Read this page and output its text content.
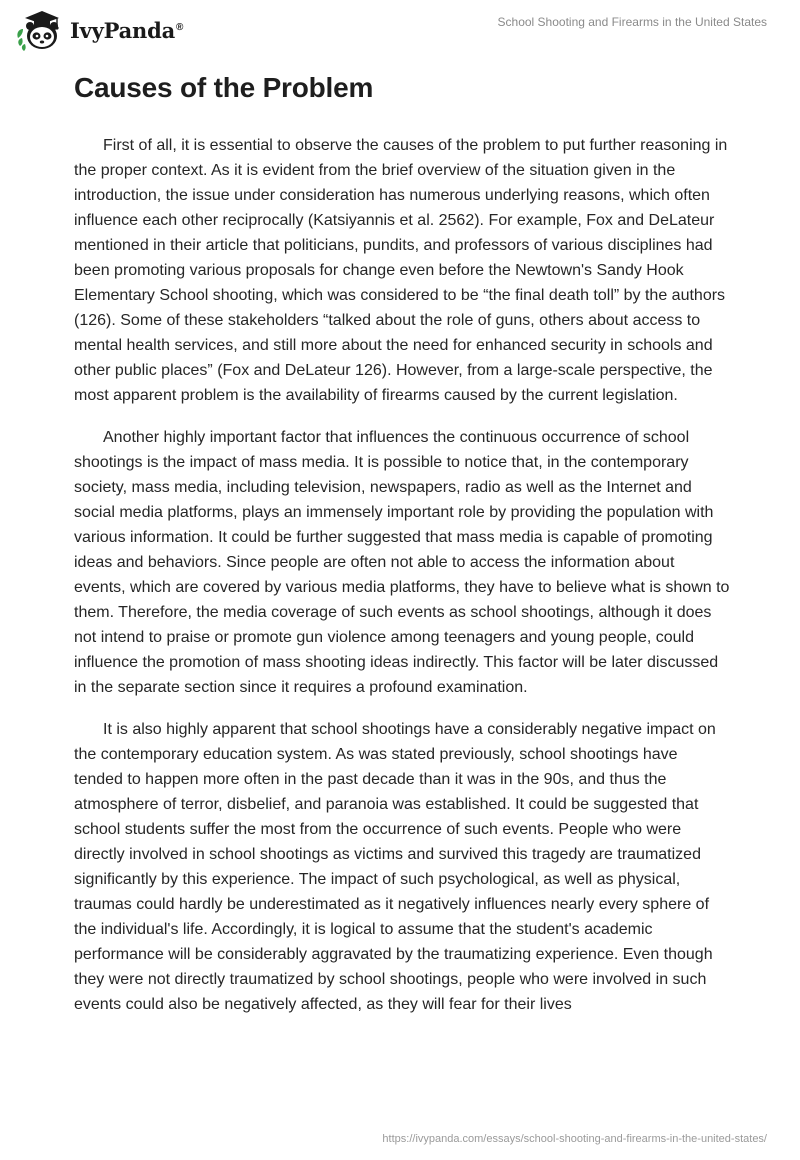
IvyPanda®	School Shooting and Firearms in the United States
Causes of the Problem

First of all, it is essential to observe the causes of the problem to put further reasoning in the proper context. As it is evident from the brief overview of the situation given in the introduction, the issue under consideration has numerous underlying reasons, which often influence each other reciprocally (Katsiyannis et al. 2562). For example, Fox and DeLateur mentioned in their article that politicians, pundits, and professors of various disciplines had been promoting various proposals for change even before the Newtown's Sandy Hook Elementary School shooting, which was considered to be “the final death toll” by the authors (126). Some of these stakeholders “talked about the role of guns, others about access to mental health services, and still more about the need for enhanced security in schools and other public places” (Fox and DeLateur 126). However, from a large-scale perspective, the most apparent problem is the availability of firearms caused by the current legislation.

Another highly important factor that influences the continuous occurrence of school shootings is the impact of mass media. It is possible to notice that, in the contemporary society, mass media, including television, newspapers, radio as well as the Internet and social media platforms, plays an immensely important role by providing the population with various information. It could be further suggested that mass media is capable of promoting ideas and behaviors. Since people are often not able to access the information about events, which are covered by various media platforms, they have to believe what is shown to them. Therefore, the media coverage of such events as school shootings, although it does not intend to praise or promote gun violence among teenagers and young people, could influence the promotion of mass shooting ideas indirectly. This factor will be later discussed in the separate section since it requires a profound examination.

It is also highly apparent that school shootings have a considerably negative impact on the contemporary education system. As was stated previously, school shootings have tended to happen more often in the past decade than it was in the 90s, and thus the atmosphere of terror, disbelief, and paranoia was established. It could be suggested that school students suffer the most from the occurrence of such events. People who were directly involved in school shootings as victims and survived this tragedy are traumatized significantly by this experience. The impact of such psychological, as well as physical, traumas could hardly be underestimated as it negatively influences nearly every sphere of the individual's life. Accordingly, it is logical to assume that the student's academic performance will be considerably aggravated by the traumatizing experience. Even though they were not directly traumatized by school shootings, people who were involved in such events could also be negatively affected, as they will fear for their lives

https://ivypanda.com/essays/school-shooting-and-firearms-in-the-united-states/
